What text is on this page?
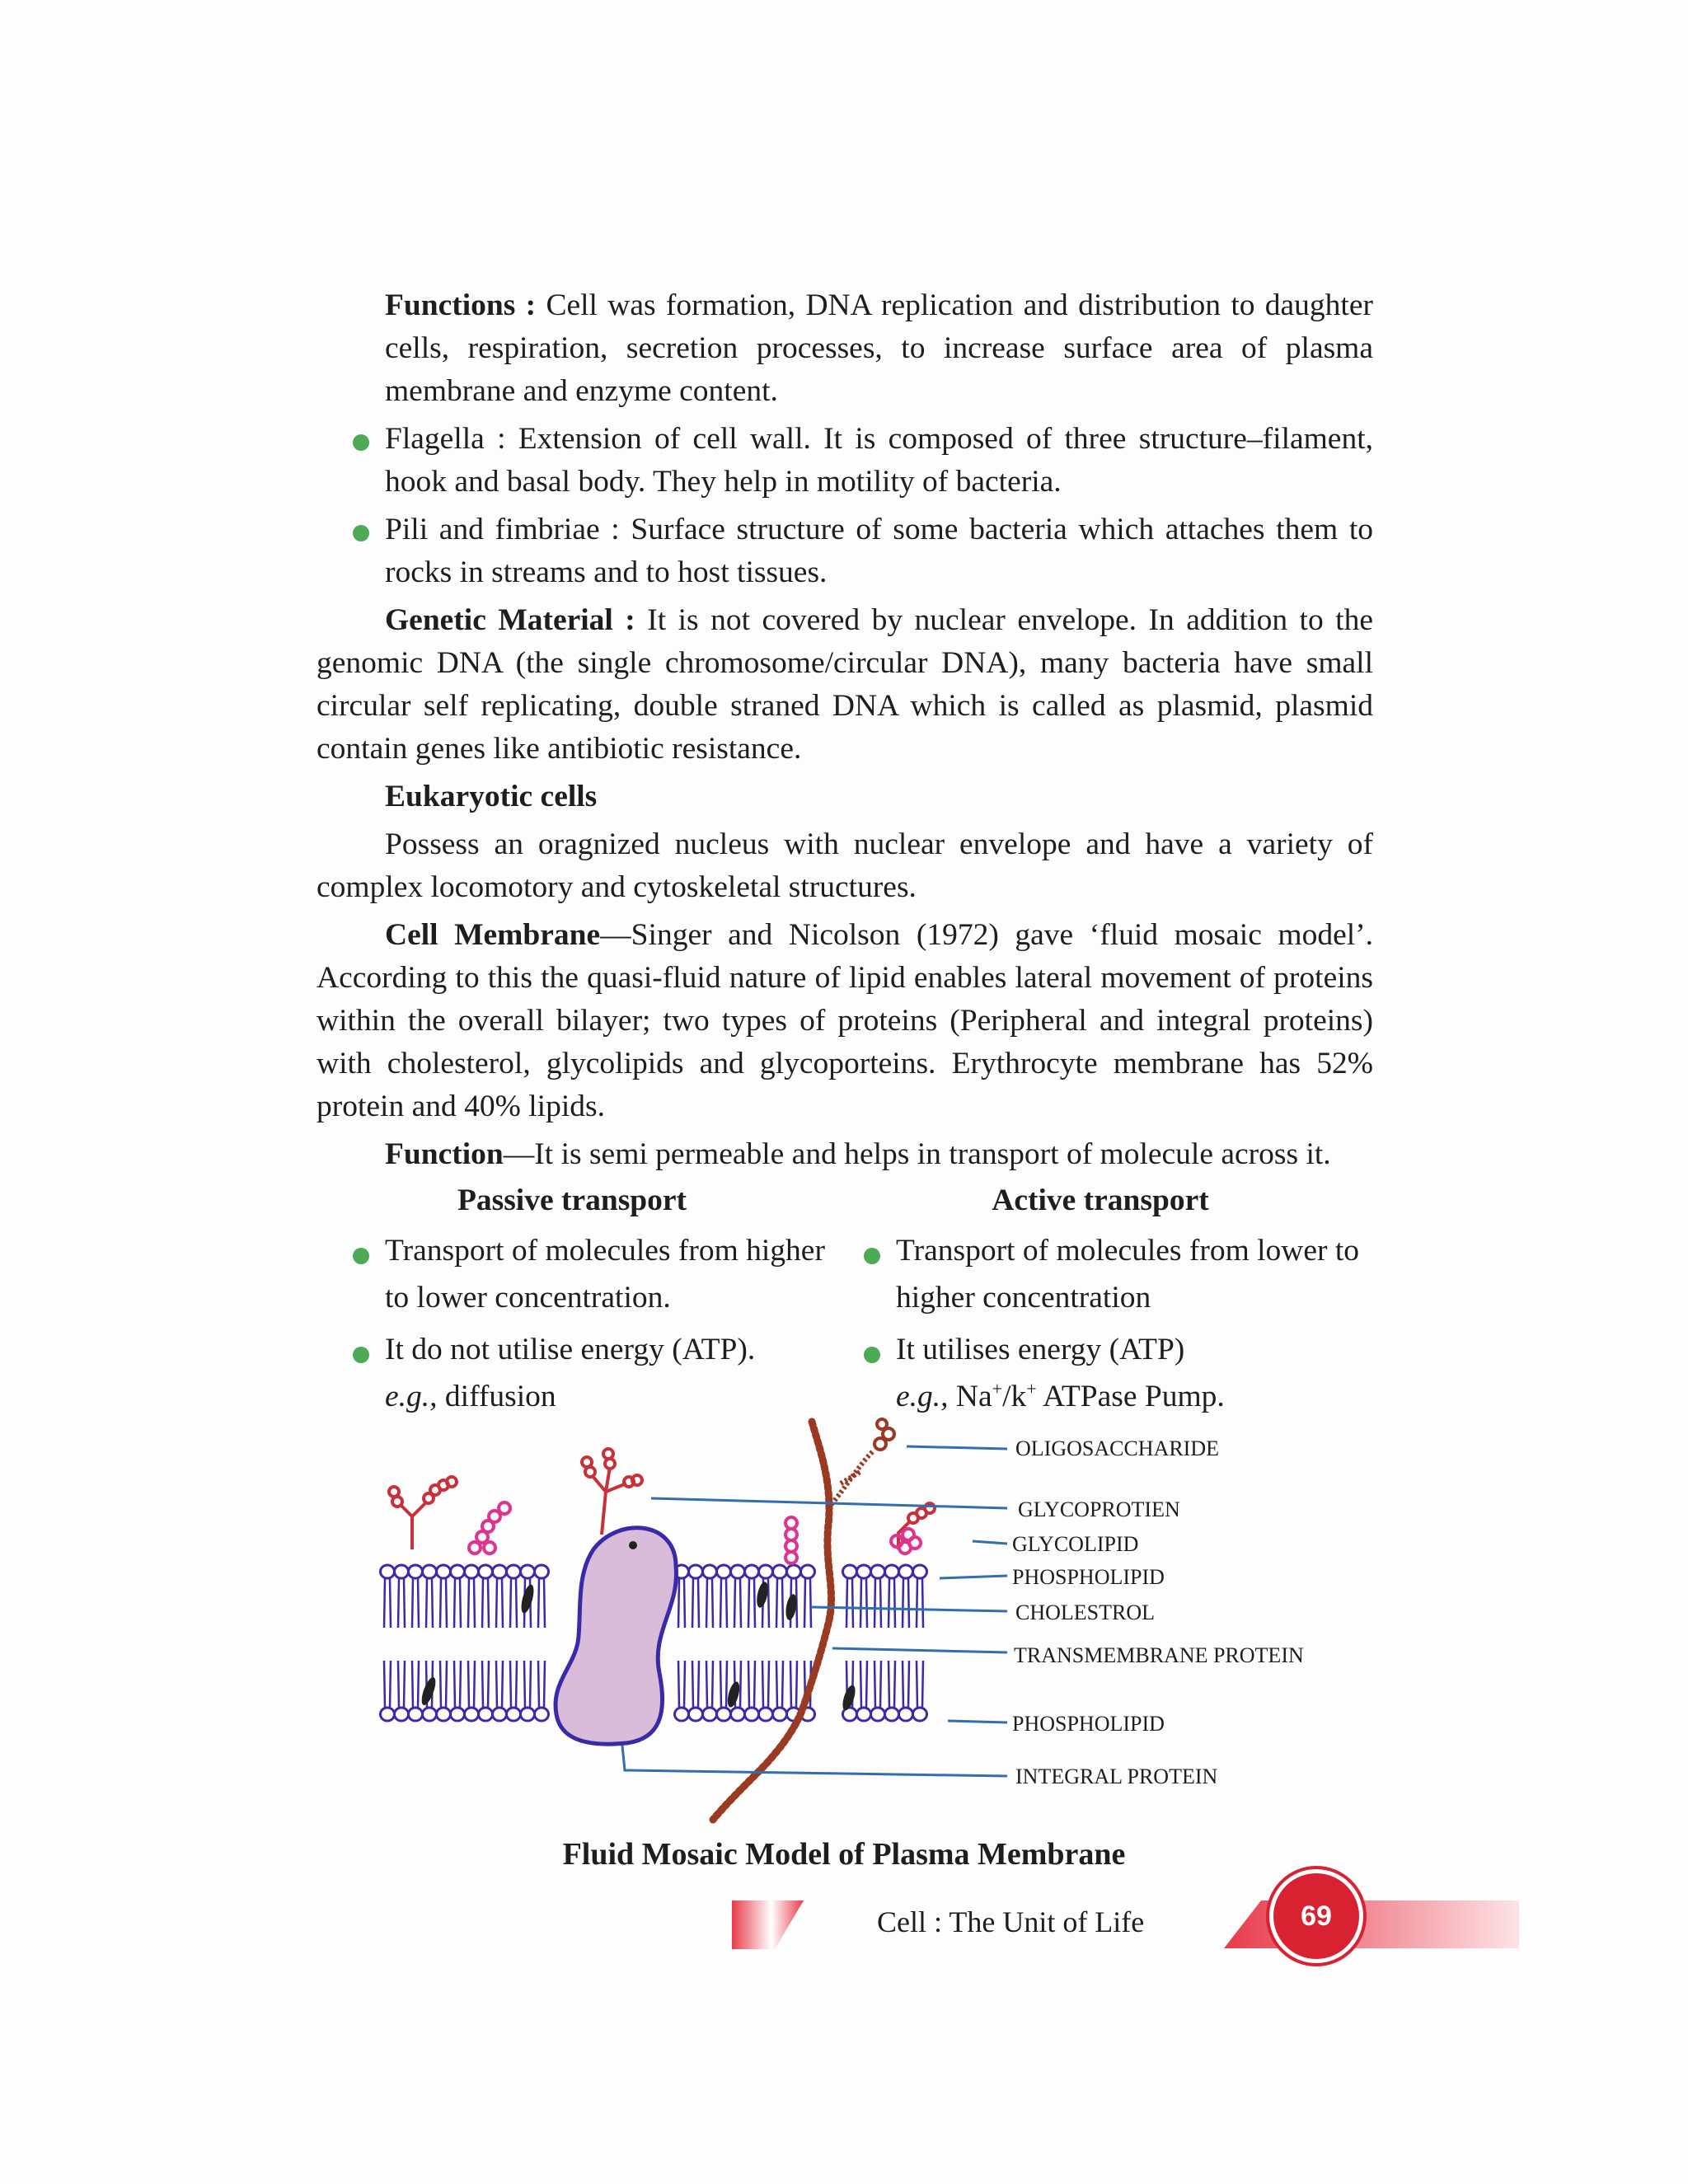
Functions : Cell was formation, DNA replication and distribution to daughter cells, respiration, secretion processes, to increase surface area of plasma membrane and enzyme content.

Flagella : Extension of cell wall. It is composed of three structure–filament, hook and basal body. They help in motility of bacteria.
Pili and fimbriae : Surface structure of some bacteria which attaches them to rocks in streams and to host tissues.

Genetic Material : It is not covered by nuclear envelope. In addition to the genomic DNA (the single chromosome/circular DNA), many bacteria have small circular self replicating, double straned DNA which is called as plasmid, plasmid contain genes like antibiotic resistance.

Eukaryotic cells

Possess an oragnized nucleus with nuclear envelope and have a variety of complex locomotory and cytoskeletal structures.

Cell Membrane—Singer and Nicolson (1972) gave ‘fluid mosaic model’. According to this the quasi-fluid nature of lipid enables lateral movement of proteins within the overall bilayer; two types of proteins (Peripheral and integral proteins) with cholesterol, glycolipids and glycoporteins. Erythrocyte membrane has 52% protein and 40% lipids.

Function—It is semi permeable and helps in transport of molecule across it.

Passive transport
Transport of molecules from higher to lower concentration.
It do not utilise energy (ATP).
e.g., diffusion
Active transport
Transport of molecules from lower to higher concentration
It utilises energy (ATP)
e.g., Na+/k+ ATPase Pump.
OLIGOSACCHARIDE
GLYCOPROTIEN
GLYCOLIPID
PHOSPHOLIPID
CHOLESTROL
TRANSMEMBRANE PROTEIN
PHOSPHOLIPID
INTEGRAL PROTEIN
Fluid Mosaic Model of Plasma Membrane
Cell : The Unit of Life	69
